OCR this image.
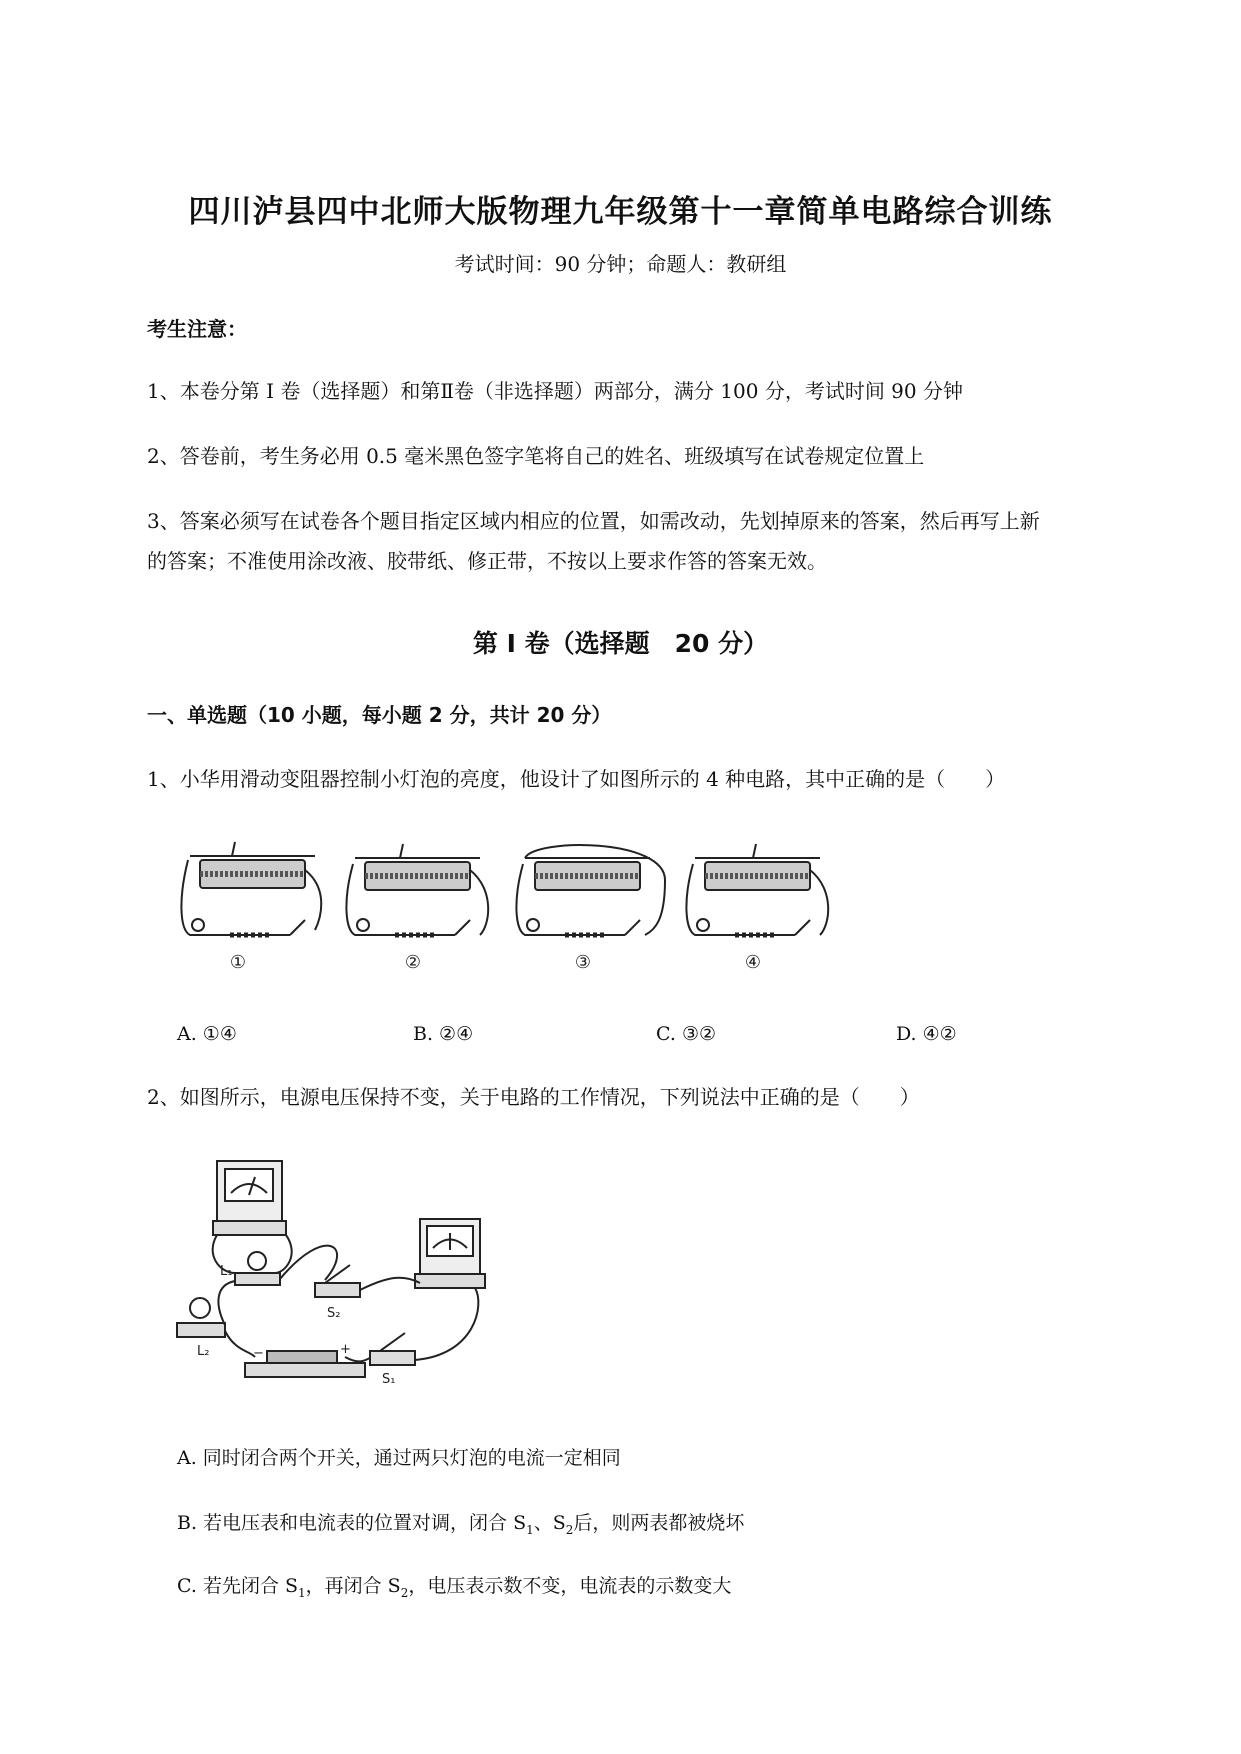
四川泸县四中北师大版物理九年级第十一章简单电路综合训练
考试时间：90 分钟；命题人：教研组
考生注意：
1、本卷分第 I 卷（选择题）和第Ⅱ卷（非选择题）两部分，满分 100 分，考试时间 90 分钟
2、答卷前，考生务必用 0.5 毫米黑色签字笔将自己的姓名、班级填写在试卷规定位置上
3、答案必须写在试卷各个题目指定区域内相应的位置，如需改动，先划掉原来的答案，然后再写上新
的答案；不准使用涂改液、胶带纸、修正带，不按以上要求作答的答案无效。
第 I 卷（选择题　20 分）
一、单选题（10 小题，每小题 2 分，共计 20 分）
1、小华用滑动变阻器控制小灯泡的亮度，他设计了如图所示的 4 种电路，其中正确的是（　　）
①	②	③	④
A. ①④	B. ②④	C. ③②	D. ④②
2、如图所示，电源电压保持不变，关于电路的工作情况，下列说法中正确的是（　　）
L₁
L₂
S₂
S₁
−	+
A. 同时闭合两个开关，通过两只灯泡的电流一定相同
B. 若电压表和电流表的位置对调，闭合 $S_1$、$S_2$后，则两表都被烧坏
C. 若先闭合 $S_1$，再闭合 $S_2$，电压表示数不变，电流表的示数变大
